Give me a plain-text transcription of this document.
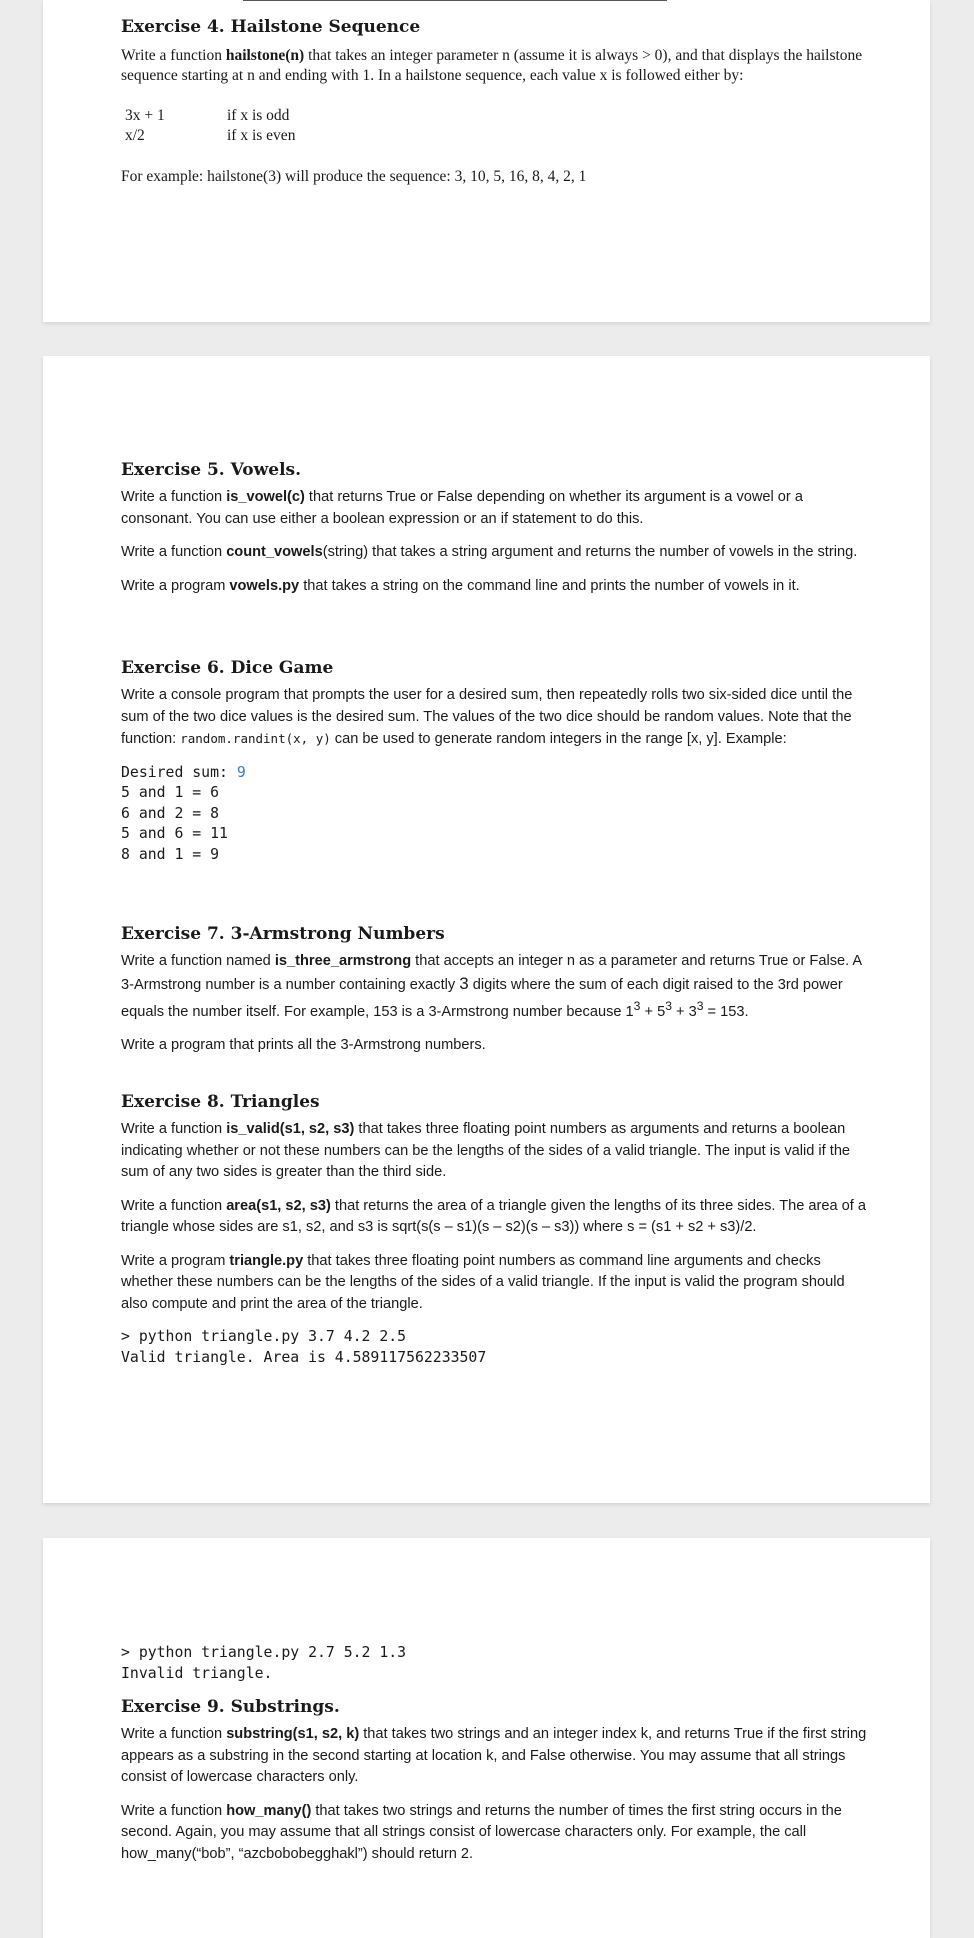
Exercise 4. Hailstone Sequence

Write a function hailstone(n) that takes an integer parameter n (assume it is always > 0), and that displays the hailstone sequence starting at n and ending with 1. In a hailstone sequence, each value x is followed either by:

3x + 1	if x is odd
x/2	if x is even

For example: hailstone(3) will produce the sequence: 3, 10, 5, 16, 8, 4, 2, 1

Exercise 5. Vowels.

Write a function is_vowel(c) that returns True or False depending on whether its argument is a vowel or a consonant. You can use either a boolean expression or an if statement to do this.

Write a function count_vowels(string) that takes a string argument and returns the number of vowels in the string.

Write a program vowels.py that takes a string on the command line and prints the number of vowels in it.

Exercise 6. Dice Game

Write a console program that prompts the user for a desired sum, then repeatedly rolls two six-sided dice until the sum of the two dice values is the desired sum. The values of the two dice should be random values. Note that the function: random.randint(x, y) can be used to generate random integers in the range [x, y]. Example:

Desired sum: 9
5 and 1 = 6
6 and 2 = 8
5 and 6 = 11
8 and 1 = 9
Exercise 7. 3-Armstrong Numbers

Write a function named is_three_armstrong that accepts an integer n as a parameter and returns True or False. A 3-Armstrong number is a number containing exactly 3 digits where the sum of each digit raised to the 3rd power equals the number itself. For example, 153 is a 3-Armstrong number because $1^3 + 5^3 + 3^3 = 153$.

Write a program that prints all the 3-Armstrong numbers.

Exercise 8. Triangles

Write a function is_valid(s1, s2, s3) that takes three floating point numbers as arguments and returns a boolean indicating whether or not these numbers can be the lengths of the sides of a valid triangle. The input is valid if the sum of any two sides is greater than the third side.

Write a function area(s1, s2, s3) that returns the area of a triangle given the lengths of its three sides. The area of a triangle whose sides are s1, s2, and s3 is sqrt(s(s – s1)(s – s2)(s – s3)) where s = (s1 + s2 + s3)/2.

Write a program triangle.py that takes three floating point numbers as command line arguments and checks whether these numbers can be the lengths of the sides of a valid triangle. If the input is valid the program should also compute and print the area of the triangle.

> python triangle.py 3.7 4.2 2.5
Valid triangle. Area is 4.589117562233507
> python triangle.py 2.7 5.2 1.3
Invalid triangle.
Exercise 9. Substrings.

Write a function substring(s1, s2, k) that takes two strings and an integer index k, and returns True if the first string appears as a substring in the second starting at location k, and False otherwise. You may assume that all strings consist of lowercase characters only.

Write a function how_many() that takes two strings and returns the number of times the first string occurs in the second. Again, you may assume that all strings consist of lowercase characters only. For example, the call how_many(“bob”, “azcbobobegghakl”) should return 2.
